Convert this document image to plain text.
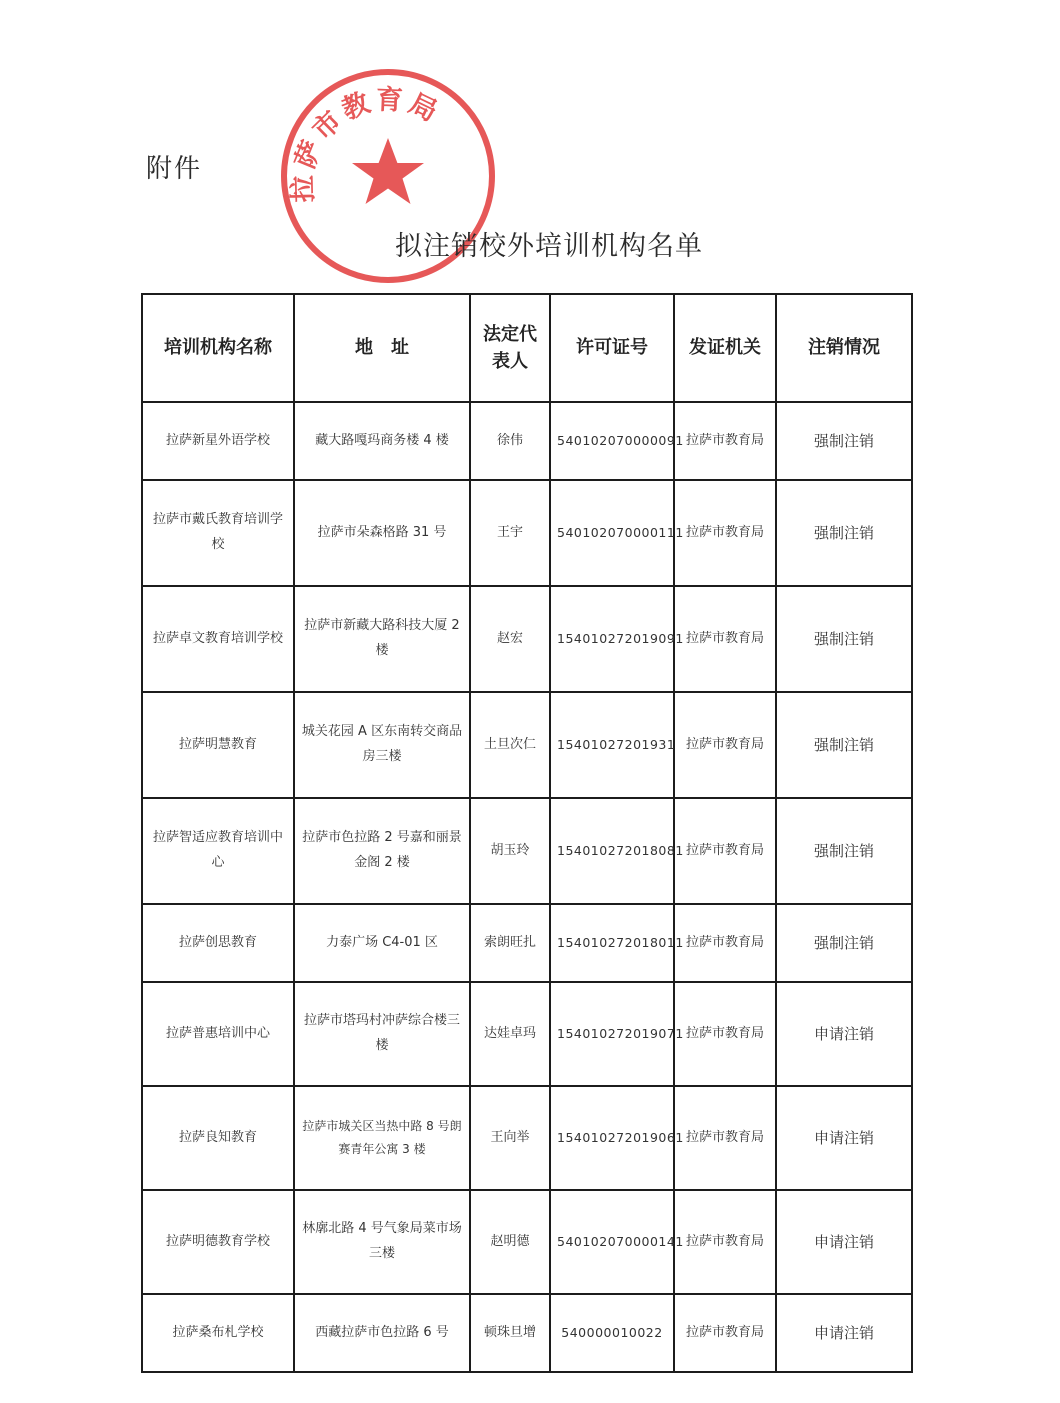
附件
拉萨市教育局
拟注销校外培训机构名单
培训机构名称	地　址	法定代表人	许可证号	发证机关	注销情况
拉萨新星外语学校	藏大路嘎玛商务楼 4 楼	徐伟	540102070000091	拉萨市教育局	强制注销
拉萨市戴氏教育培训学校	拉萨市朵森格路 31 号	王宇	540102070000111	拉萨市教育局	强制注销
拉萨卓文教育培训学校	拉萨市新藏大路科技大厦 2 楼	赵宏	154010272019091	拉萨市教育局	强制注销
拉萨明慧教育	城关花园 A 区东南转交商品房三楼	土旦次仁	15401027201931	拉萨市教育局	强制注销
拉萨智适应教育培训中心	拉萨市色拉路 2 号嘉和丽景金阁 2 楼	胡玉玲	154010272018081	拉萨市教育局	强制注销
拉萨创思教育	力泰广场 C4-01 区	索朗旺扎	154010272018011	拉萨市教育局	强制注销
拉萨普惠培训中心	拉萨市塔玛村冲萨综合楼三楼	达娃卓玛	154010272019071	拉萨市教育局	申请注销
拉萨良知教育	拉萨市城关区当热中路 8 号朗赛青年公寓 3 楼	王向举	154010272019061	拉萨市教育局	申请注销
拉萨明德教育学校	林廓北路 4 号气象局菜市场三楼	赵明德	540102070000141	拉萨市教育局	申请注销
拉萨桑布札学校	西藏拉萨市色拉路 6 号	顿珠旦增	540000010022	拉萨市教育局	申请注销
